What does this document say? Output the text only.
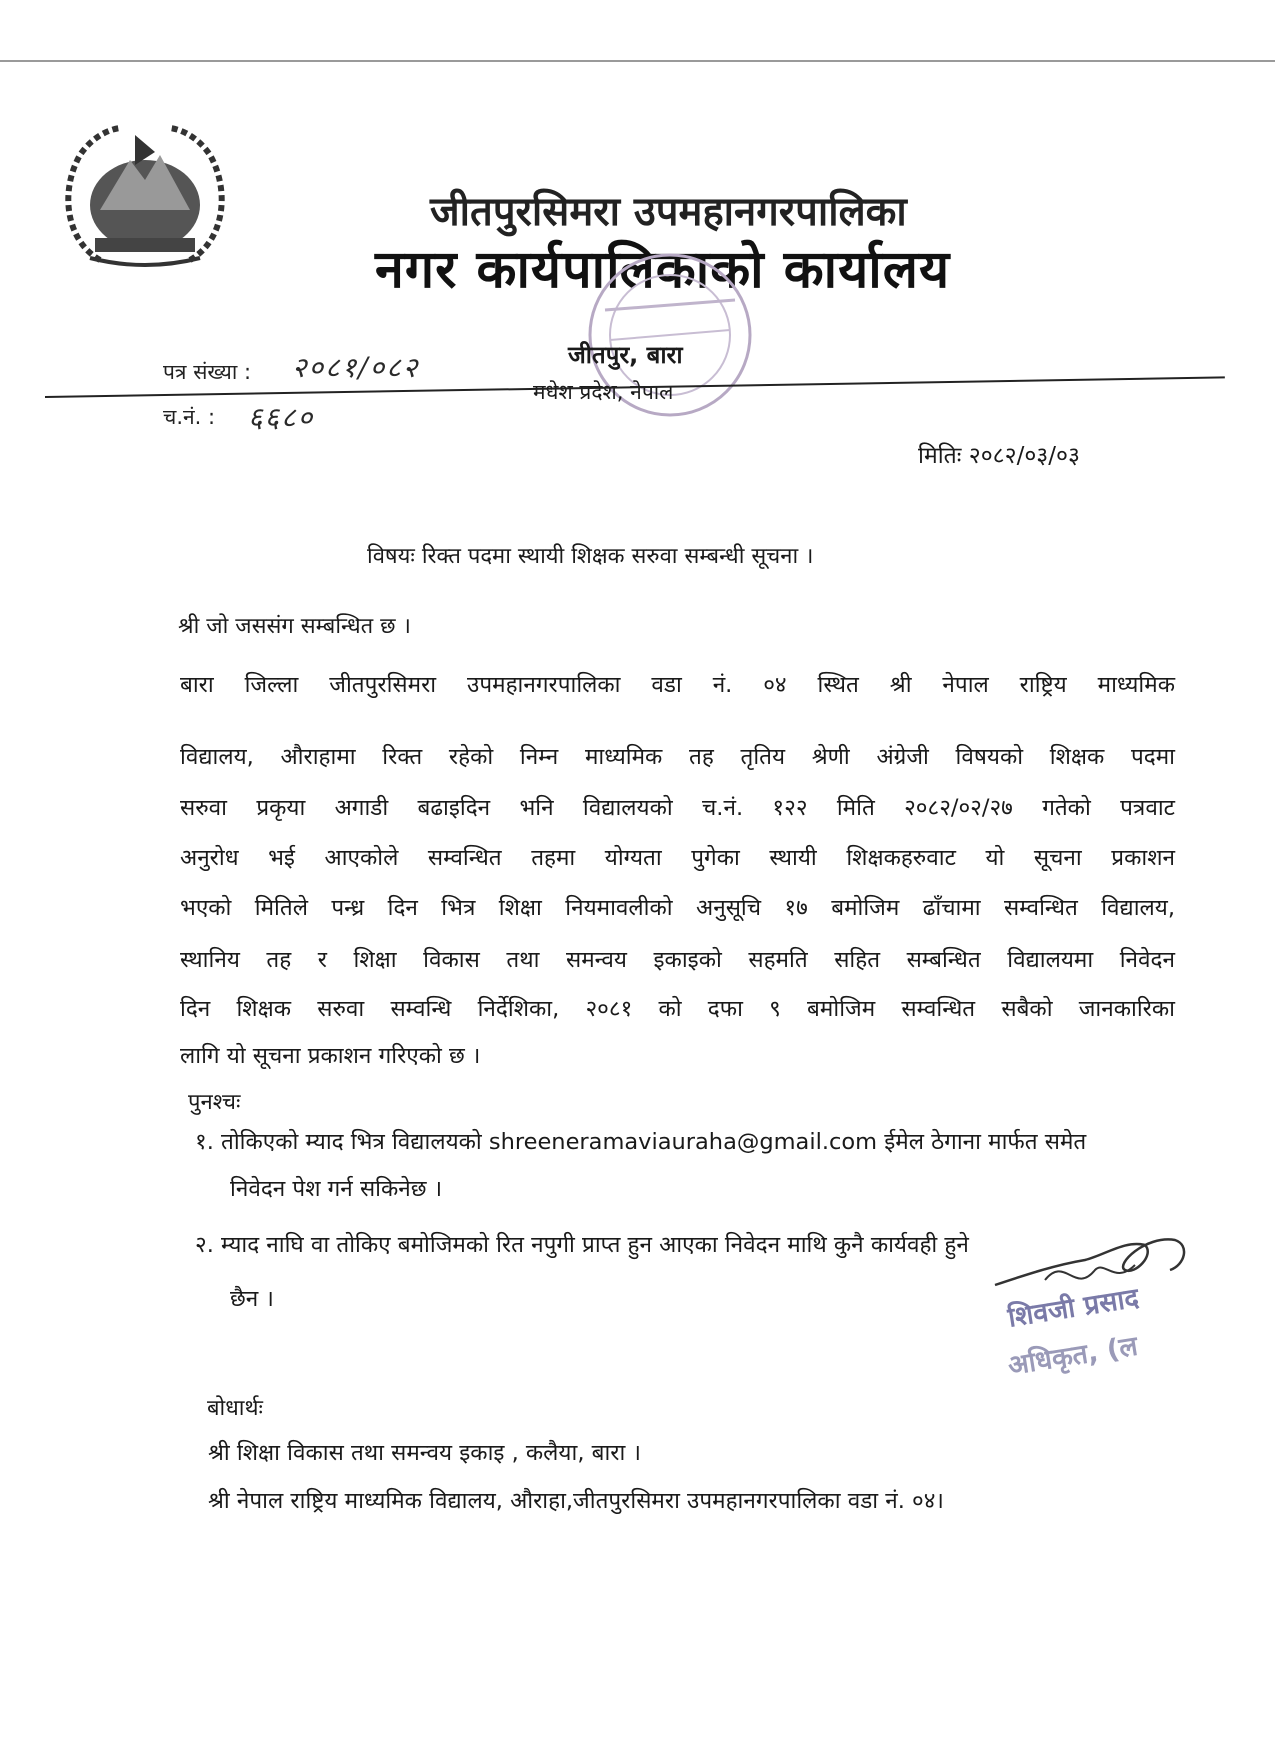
जीतपुरसिमरा उपमहानगरपालिका
नगर कार्यपालिकाको कार्यालय
पत्र संख्या : २०८१/०८२
च.नं. : ६६८०
जीतपुर, बारा
मधेश प्रदेश, नेपाल
मितिः २०८२/०३/०३
विषयः रिक्त पदमा स्थायी शिक्षक सरुवा सम्बन्धी सूचना ।
श्री जो जससंग सम्बन्धित छ ।
बारा जिल्ला जीतपुरसिमरा उपमहानगरपालिका वडा नं. ०४ स्थित श्री नेपाल राष्ट्रिय माध्यमिक
विद्यालय, औराहामा रिक्त रहेको निम्न माध्यमिक तह तृतिय श्रेणी अंग्रेजी विषयको शिक्षक पदमा
सरुवा प्रकृया अगाडी बढाइदिन भनि विद्यालयको च.नं. १२२ मिति २०८२/०२/२७ गतेको पत्रवाट
अनुरोध भई आएकोले सम्वन्धित तहमा योग्यता पुगेका स्थायी शिक्षकहरुवाट यो सूचना प्रकाशन
भएको मितिले पन्ध्र दिन भित्र शिक्षा नियमावलीको अनुसूचि १७ बमोजिम ढाँचामा सम्वन्धित विद्यालय,
स्थानिय तह र शिक्षा विकास तथा समन्वय इकाइको सहमति सहित सम्बन्धित विद्यालयमा निवेदन
दिन शिक्षक सरुवा सम्वन्धि निर्देशिका, २०८१ को दफा ९ बमोजिम सम्वन्धित सबैको जानकारिका
लागि यो सूचना प्रकाशन गरिएको छ ।
पुनश्चः
१. तोकिएको म्याद भित्र विद्यालयको shreeneramaviauraha@gmail.com ईमेल ठेगाना मार्फत समेत
निवेदन पेश गर्न सकिनेछ ।
२. म्याद नाघि वा तोकिए बमोजिमको रित नपुगी प्राप्त हुन आएका निवेदन माथि कुनै कार्यवही हुने
छैन ।	शिवजी प्रसाद
अधिकृत, (ल
बोधार्थः
श्री शिक्षा विकास तथा समन्वय इकाइ , कलैया, बारा ।
श्री नेपाल राष्ट्रिय माध्यमिक विद्यालय, औराहा,जीतपुरसिमरा उपमहानगरपालिका वडा नं. ०४।
